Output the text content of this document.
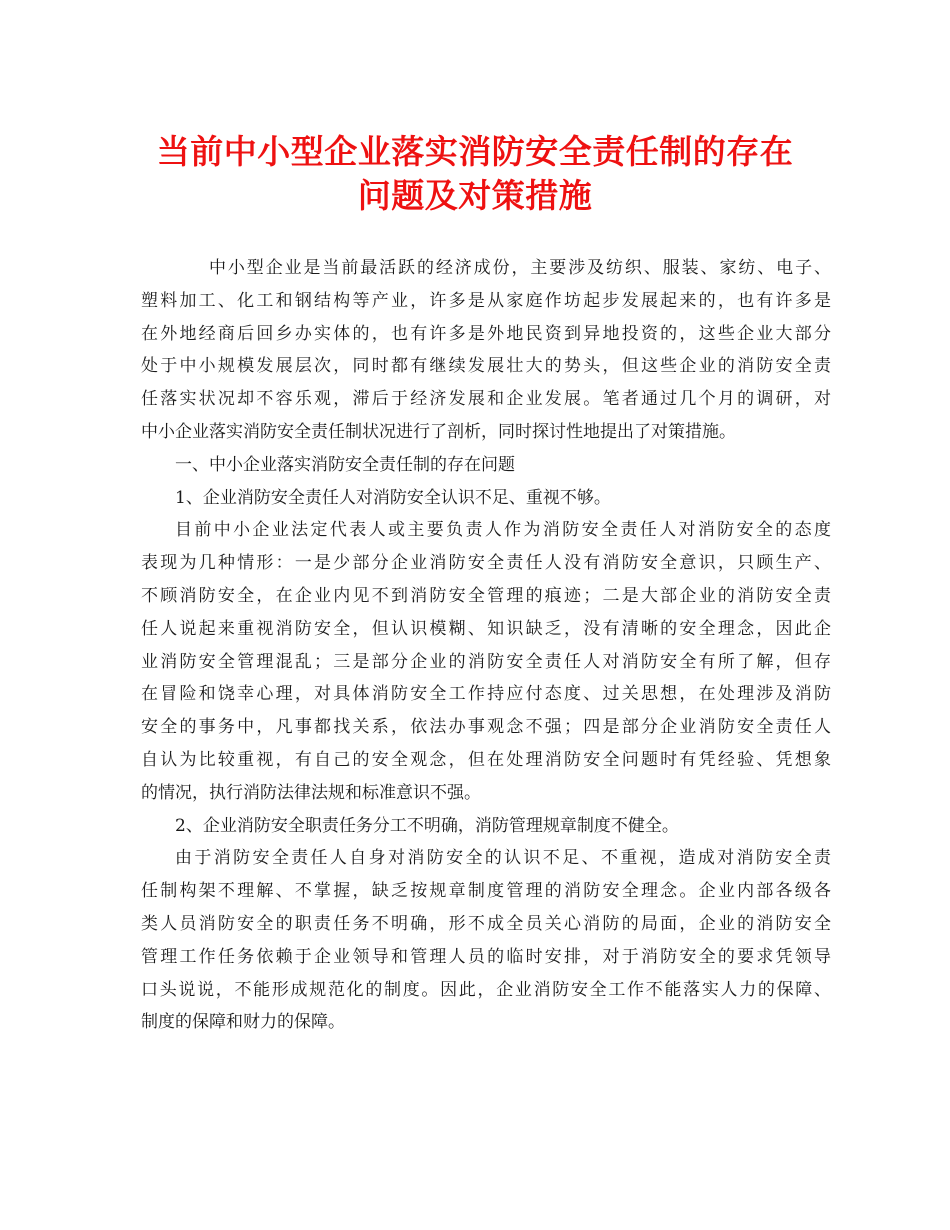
当前中小型企业落实消防安全责任制的存在
问题及对策措施
中小型企业是当前最活跃的经济成份，主要涉及纺织、服装、家纺、电子、
塑料加工、化工和钢结构等产业，许多是从家庭作坊起步发展起来的，也有许多是
在外地经商后回乡办实体的，也有许多是外地民资到异地投资的，这些企业大部分
处于中小规模发展层次，同时都有继续发展壮大的势头，但这些企业的消防安全责
任落实状况却不容乐观，滞后于经济发展和企业发展。笔者通过几个月的调研，对
中小企业落实消防安全责任制状况进行了剖析，同时探讨性地提出了对策措施。
一、中小企业落实消防安全责任制的存在问题
1、企业消防安全责任人对消防安全认识不足、重视不够。
目前中小企业法定代表人或主要负责人作为消防安全责任人对消防安全的态度
表现为几种情形：一是少部分企业消防安全责任人没有消防安全意识，只顾生产、
不顾消防安全，在企业内见不到消防安全管理的痕迹；二是大部企业的消防安全责
任人说起来重视消防安全，但认识模糊、知识缺乏，没有清晰的安全理念，因此企
业消防安全管理混乱；三是部分企业的消防安全责任人对消防安全有所了解，但存
在冒险和饶幸心理，对具体消防安全工作持应付态度、过关思想，在处理涉及消防
安全的事务中，凡事都找关系，依法办事观念不强；四是部分企业消防安全责任人
自认为比较重视，有自己的安全观念，但在处理消防安全问题时有凭经验、凭想象
的情况，执行消防法律法规和标准意识不强。
2、企业消防安全职责任务分工不明确，消防管理规章制度不健全。
由于消防安全责任人自身对消防安全的认识不足、不重视，造成对消防安全责
任制构架不理解、不掌握，缺乏按规章制度管理的消防安全理念。企业内部各级各
类人员消防安全的职责任务不明确，形不成全员关心消防的局面，企业的消防安全
管理工作任务依赖于企业领导和管理人员的临时安排，对于消防安全的要求凭领导
口头说说，不能形成规范化的制度。因此，企业消防安全工作不能落实人力的保障、
制度的保障和财力的保障。
